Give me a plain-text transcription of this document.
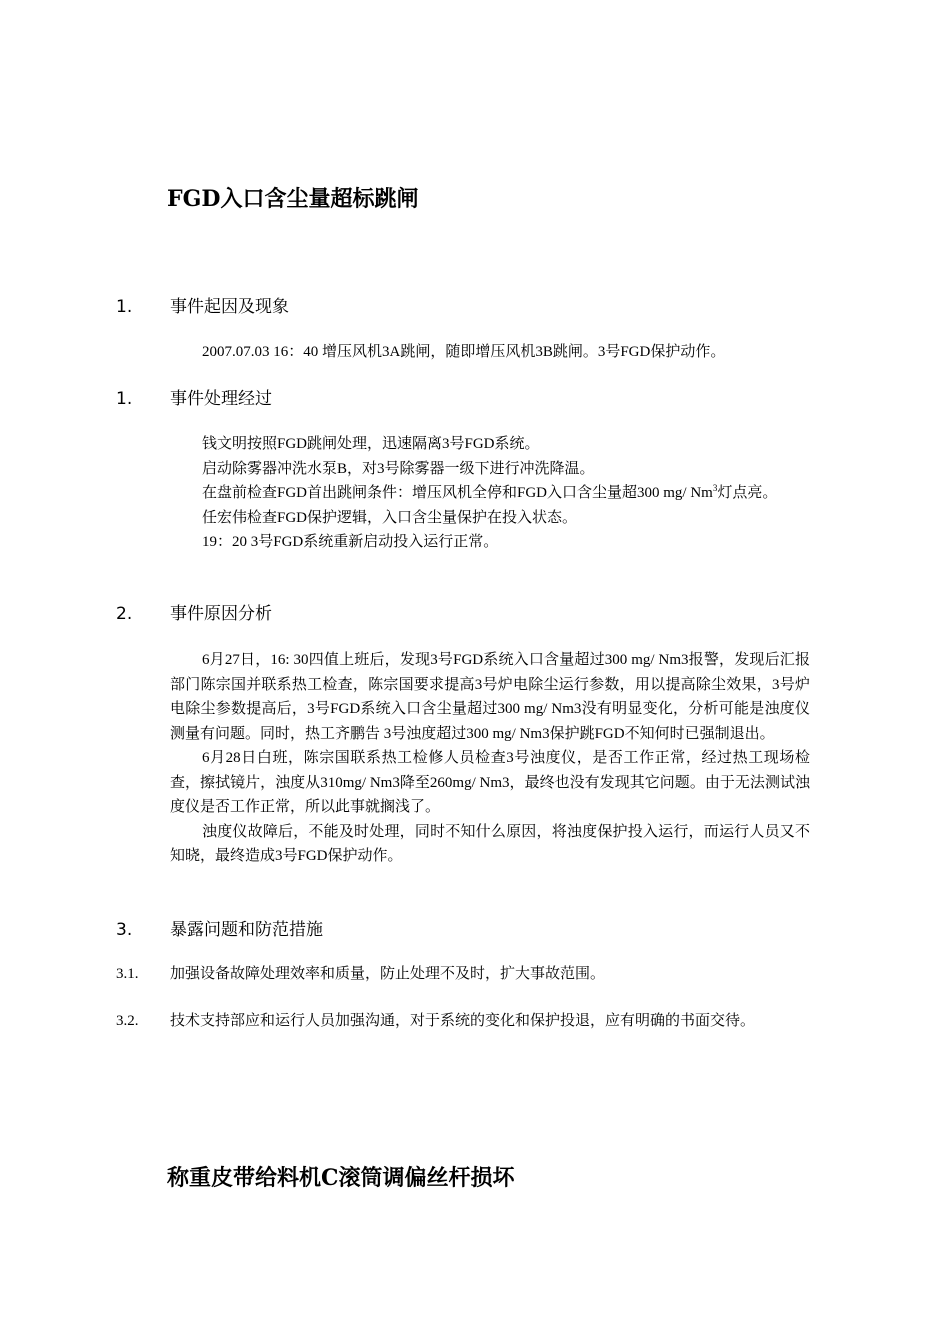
FGD入口含尘量超标跳闸
1. 事件起因及现象

2007.07.03 16：40 增压风机3A跳闸，随即增压风机3B跳闸。3号FGD保护动作。

1. 事件处理经过

钱文明按照FGD跳闸处理，迅速隔离3号FGD系统。

启动除雾器冲洗水泵B，对3号除雾器一级下进行冲洗降温。

在盘前检查FGD首出跳闸条件：增压风机全停和FGD入口含尘量超300 mg/ Nm$^3$灯点亮。

任宏伟检查FGD保护逻辑，入口含尘量保护在投入状态。

19：20 3号FGD系统重新启动投入运行正常。

2. 事件原因分析

6月27日，16: 30四值上班后，发现3号FGD系统入口含量超过300 mg/ Nm3报警，发现后汇报部门陈宗国并联系热工检查，陈宗国要求提高3号炉电除尘运行参数，用以提高除尘效果，3号炉电除尘参数提高后，3号FGD系统入口含尘量超过300 mg/ Nm3没有明显变化，分析可能是浊度仪测量有问题。同时，热工齐鹏告 3号浊度超过300 mg/ Nm3保护跳FGD不知何时已强制退出。

6月28日白班，陈宗国联系热工检修人员检查3号浊度仪，是否工作正常，经过热工现场检查，擦拭镜片，浊度从310mg/ Nm3降至260mg/ Nm3，最终也没有发现其它问题。由于无法测试浊度仪是否工作正常，所以此事就搁浅了。

浊度仪故障后，不能及时处理，同时不知什么原因，将浊度保护投入运行，而运行人员又不知晓，最终造成3号FGD保护动作。

3. 暴露问题和防范措施
3.1. 加强设备故障处理效率和质量，防止处理不及时，扩大事故范围。
3.2. 技术支持部应和运行人员加强沟通，对于系统的变化和保护投退，应有明确的书面交待。
称重皮带给料机C滚筒调偏丝杆损坏
